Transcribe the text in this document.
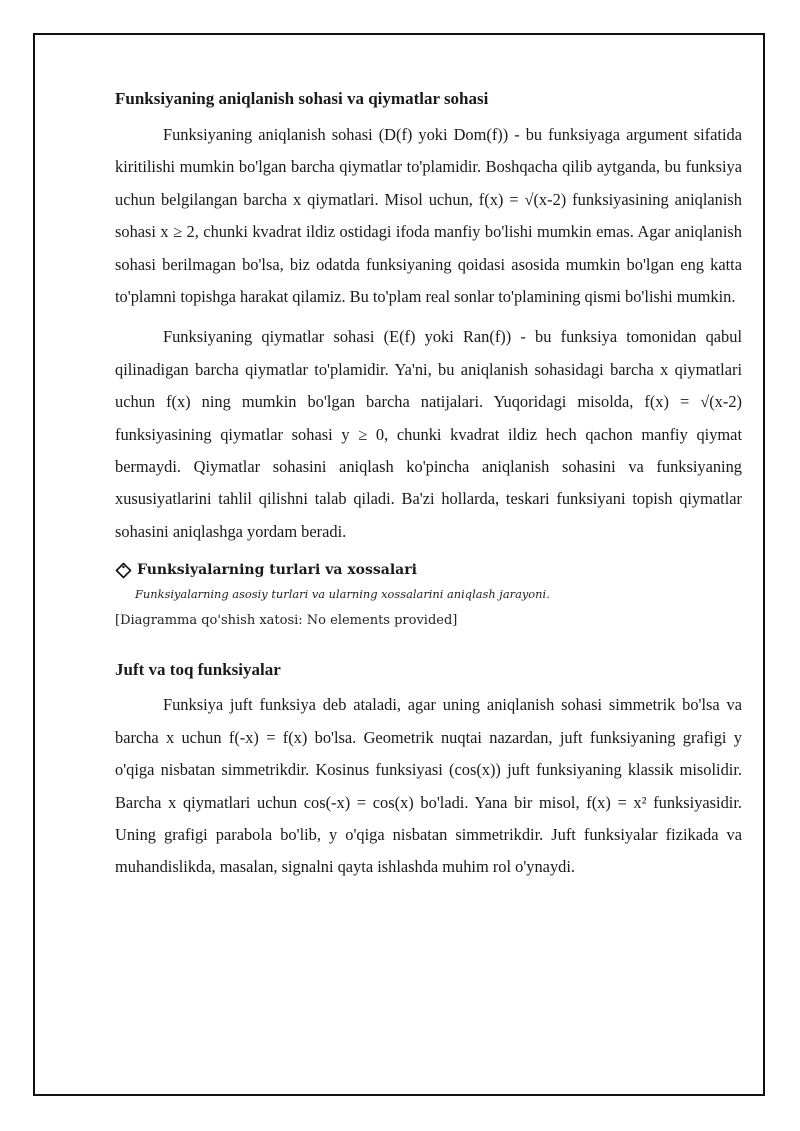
Funksiyaning aniqlanish sohasi va qiymatlar sohasi

Funksiyaning aniqlanish sohasi (D(f) yoki Dom(f)) - bu funksiyaga argument sifatida kiritilishi mumkin bo'lgan barcha qiymatlar to'plamidir. Boshqacha qilib aytganda, bu funksiya uchun belgilangan barcha x qiymatlari. Misol uchun, f(x) = √(x-2) funksiyasining aniqlanish sohasi x ≥ 2, chunki kvadrat ildiz ostidagi ifoda manfiy bo'lishi mumkin emas. Agar aniqlanish sohasi berilmagan bo'lsa, biz odatda funksiyaning qoidasi asosida mumkin bo'lgan eng katta to'plamni topishga harakat qilamiz. Bu to'plam real sonlar to'plamining qismi bo'lishi mumkin.

Funksiyaning qiymatlar sohasi (E(f) yoki Ran(f)) - bu funksiya tomonidan qabul qilinadigan barcha qiymatlar to'plamidir. Ya'ni, bu aniqlanish sohasidagi barcha x qiymatlari uchun f(x) ning mumkin bo'lgan barcha natijalari. Yuqoridagi misolda, f(x) = √(x-2) funksiyasining qiymatlar sohasi y ≥ 0, chunki kvadrat ildiz hech qachon manfiy qiymat bermaydi. Qiymatlar sohasini aniqlash ko'pincha aniqlanish sohasini va funksiyaning xususiyatlarini tahlil qilishni talab qiladi. Ba'zi hollarda, teskari funksiyani topish qiymatlar sohasini aniqlashga yordam beradi.

Funksiyalarning turlari va xossalari
Funksiyalarning asosiy turlari va ularning xossalarini aniqlash jarayoni.
[Diagramma qo'shish xatosi: No elements provided]
Juft va toq funksiyalar

Funksiya juft funksiya deb ataladi, agar uning aniqlanish sohasi simmetrik bo'lsa va barcha x uchun f(-x) = f(x) bo'lsa. Geometrik nuqtai nazardan, juft funksiyaning grafigi y o'qiga nisbatan simmetrikdir. Kosinus funksiyasi (cos(x)) juft funksiyaning klassik misolidir. Barcha x qiymatlari uchun cos(-x) = cos(x) bo'ladi. Yana bir misol, f(x) = x² funksiyasidir. Uning grafigi parabola bo'lib, y o'qiga nisbatan simmetrikdir. Juft funksiyalar fizikada va muhandislikda, masalan, signalni qayta ishlashda muhim rol o'ynaydi.
